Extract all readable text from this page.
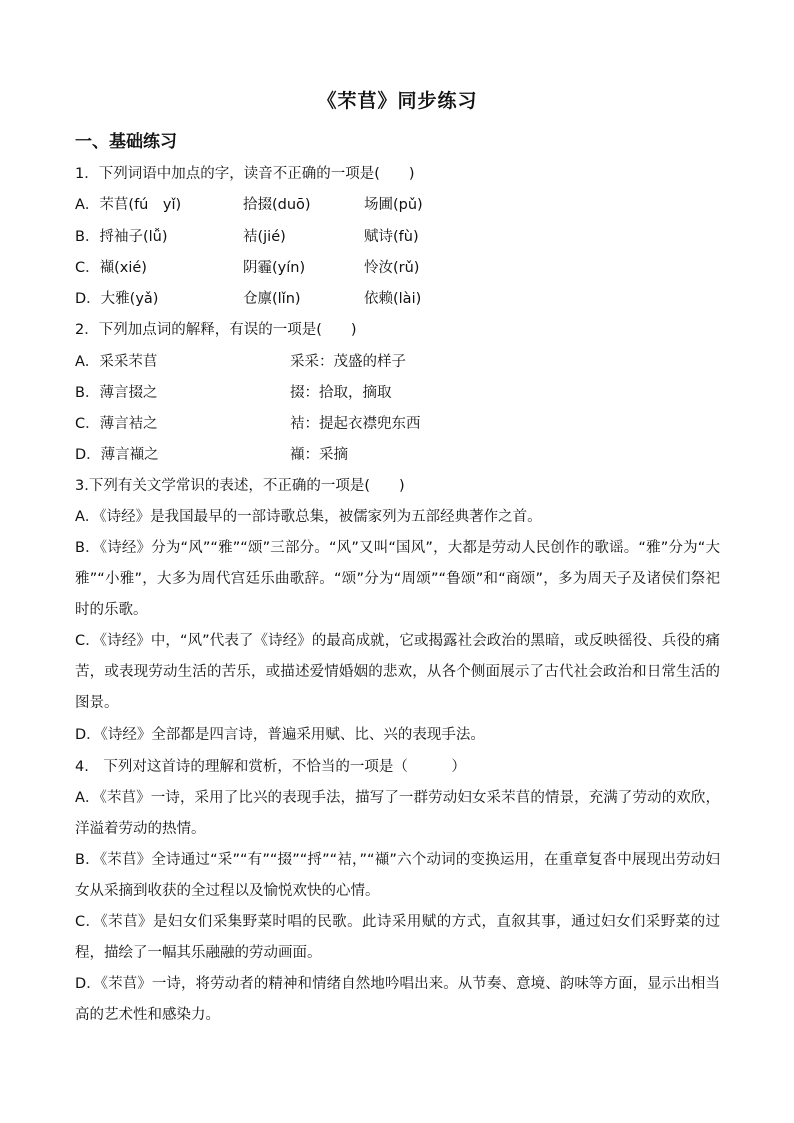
《芣苢》同步练习
一、基础练习
1．下列词语中加点的字，读音不正确的一项是(　　)
A．芣苢(fú　yǐ)	拾掇(duō)	场圃(pǔ)
B．捋袖子(lǚ)	袺(jié)	赋诗(fù)
C．襭(xié)	阴霾(yín)	怜汝(rǔ)
D．大雅(yǎ)	仓廪(lǐn)	依赖(lài)
2．下列加点词的解释，有误的一项是(　　)
A．采采芣苢	采采：茂盛的样子
B．薄言掇之	掇：拾取，摘取
C．薄言袺之	袺：提起衣襟兜东西
D．薄言襭之	襭：采摘
3.下列有关文学常识的表述，不正确的一项是(　　)
A．《诗经》是我国最早的一部诗歌总集，被儒家列为五部经典著作之首。
B．《诗经》分为“风”“雅”“颂”三部分。“风”又叫“国风”，大都是劳动人民创作的歌谣。“雅”分为“大雅”“小雅”，大多为周代宫廷乐曲歌辞。“颂”分为“周颂”“鲁颂”和“商颂”，多为周天子及诸侯们祭祀时的乐歌。
C．《诗经》中，“风”代表了《诗经》的最高成就，它或揭露社会政治的黑暗，或反映徭役、兵役的痛苦，或表现劳动生活的苦乐，或描述爱情婚姻的悲欢，从各个侧面展示了古代社会政治和日常生活的图景。
D．《诗经》全部都是四言诗，普遍采用赋、比、兴的表现手法。
4.　下列对这首诗的理解和赏析，不恰当的一项是（　　　）
A．《芣苢》一诗，采用了比兴的表现手法，描写了一群劳动妇女采芣苢的情景，充满了劳动的欢欣，洋溢着劳动的热情。
B．《芣苢》全诗通过“采”“有”“掇”“捋”“袺，”“襭”六个动词的变换运用，在重章复沓中展现出劳动妇女从采摘到收获的全过程以及愉悦欢快的心情。
C．《芣苢》是妇女们采集野菜时唱的民歌。此诗采用赋的方式，直叙其事，通过妇女们采野菜的过程，描绘了一幅其乐融融的劳动画面。
D．《芣苢》一诗，将劳动者的精神和情绪自然地吟唱出来。从节奏、意境、韵味等方面，显示出相当高的艺术性和感染力。
